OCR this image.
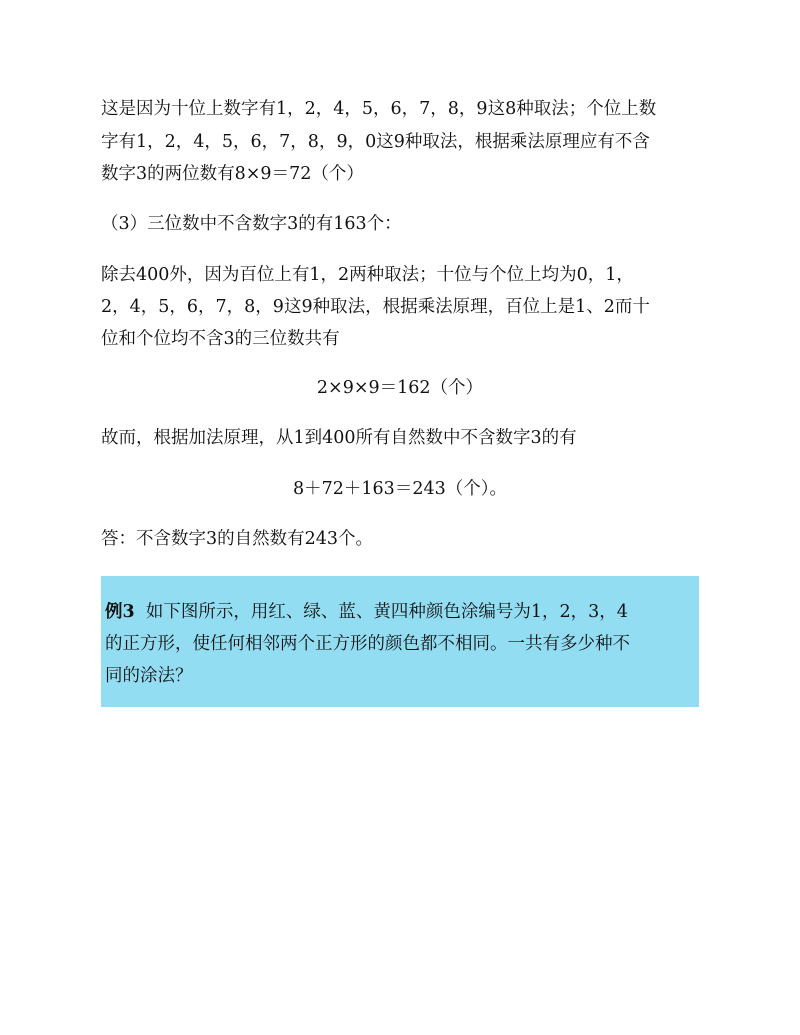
这是因为十位上数字有1，2，4，5，6，7，8，9这8种取法；个位上数
字有1，2，4，5，6，7，8，9，0这9种取法，根据乘法原理应有不含
数字3的两位数有8×9＝72（个）
（3）三位数中不含数字3的有163个：
除去400外，因为百位上有1，2两种取法；十位与个位上均为0，1，
2，4，5，6，7，8，9这9种取法，根据乘法原理，百位上是1、2而十
位和个位均不含3的三位数共有
2×9×9＝162（个）
故而，根据加法原理，从1到400所有自然数中不含数字3的有
8＋72＋163＝243（个）。
答：不含数字3的自然数有243个。
例3 如下图所示，用红、绿、蓝、黄四种颜色涂编号为1，2，3，4
的正方形，使任何相邻两个正方形的颜色都不相同。一共有多少种不
同的涂法？
